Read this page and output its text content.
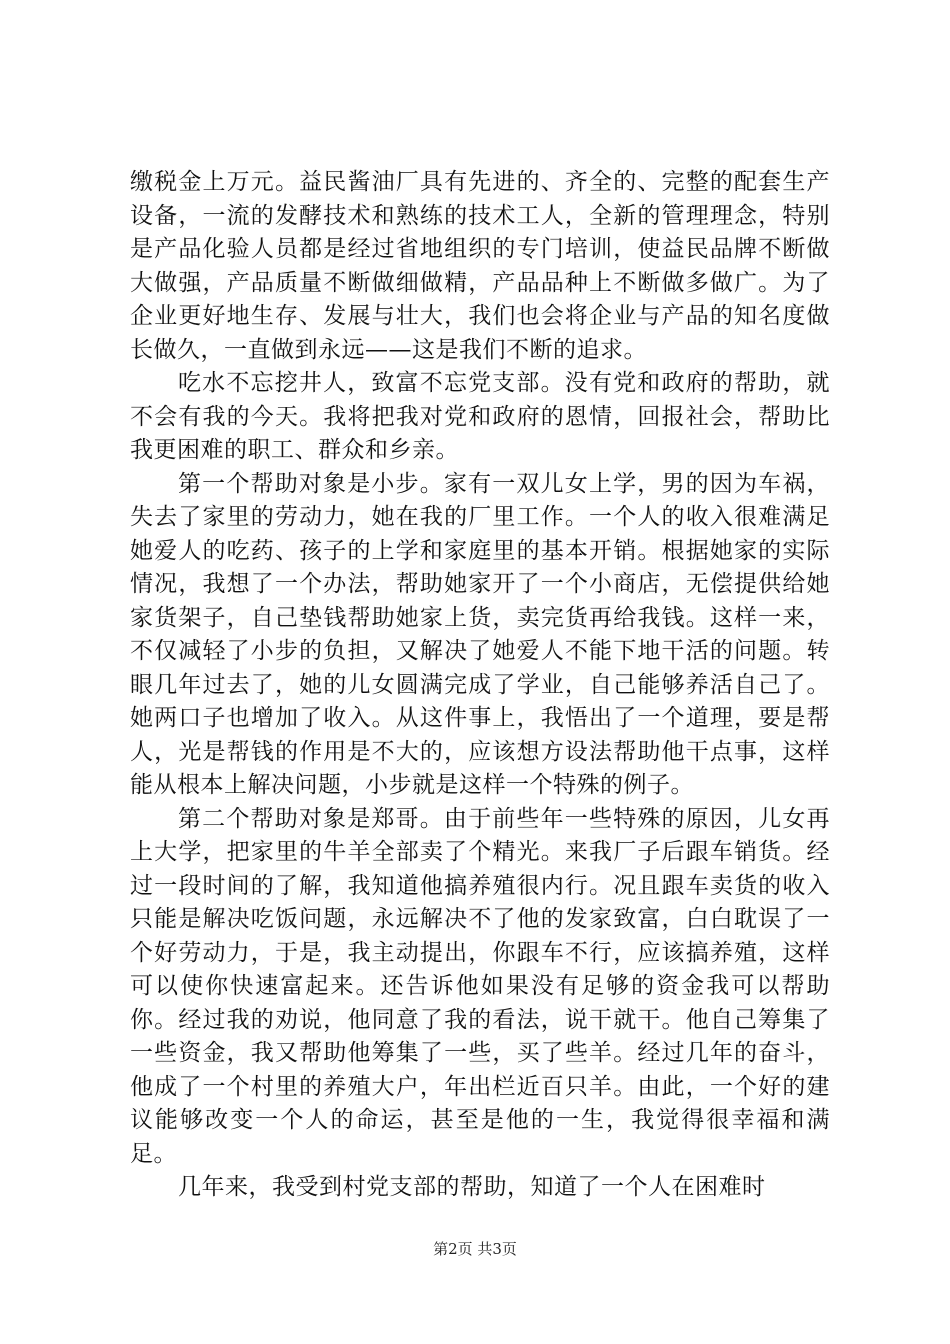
缴税金上万元。益民酱油厂具有先进的、齐全的、完整的配套生产设备，一流的发酵技术和熟练的技术工人，全新的管理理念，特别是产品化验人员都是经过省地组织的专门培训，使益民品牌不断做大做强，产品质量不断做细做精，产品品种上不断做多做广。为了企业更好地生存、发展与壮大，我们也会将企业与产品的知名度做长做久，一直做到永远——这是我们不断的追求。

吃水不忘挖井人，致富不忘党支部。没有党和政府的帮助，就不会有我的今天。我将把我对党和政府的恩情，回报社会，帮助比我更困难的职工、群众和乡亲。

第一个帮助对象是小步。家有一双儿女上学，男的因为车祸，失去了家里的劳动力，她在我的厂里工作。一个人的收入很难满足她爱人的吃药、孩子的上学和家庭里的基本开销。根据她家的实际情况，我想了一个办法，帮助她家开了一个小商店，无偿提供给她家货架子，自己垫钱帮助她家上货，卖完货再给我钱。这样一来，不仅减轻了小步的负担，又解决了她爱人不能下地干活的问题。转眼几年过去了，她的儿女圆满完成了学业，自己能够养活自己了。她两口子也增加了收入。从这件事上，我悟出了一个道理，要是帮人，光是帮钱的作用是不大的，应该想方设法帮助他干点事，这样能从根本上解决问题，小步就是这样一个特殊的例子。

第二个帮助对象是郑哥。由于前些年一些特殊的原因，儿女再上大学，把家里的牛羊全部卖了个精光。来我厂子后跟车销货。经过一段时间的了解，我知道他搞养殖很内行。况且跟车卖货的收入只能是解决吃饭问题，永远解决不了他的发家致富，白白耽误了一个好劳动力，于是，我主动提出，你跟车不行，应该搞养殖，这样可以使你快速富起来。还告诉他如果没有足够的资金我可以帮助你。经过我的劝说，他同意了我的看法，说干就干。他自己筹集了一些资金，我又帮助他筹集了一些，买了些羊。经过几年的奋斗，他成了一个村里的养殖大户，年出栏近百只羊。由此，一个好的建议能够改变一个人的命运，甚至是他的一生，我觉得很幸福和满足。

几年来，我受到村党支部的帮助，知道了一个人在困难时

第2页 共3页
